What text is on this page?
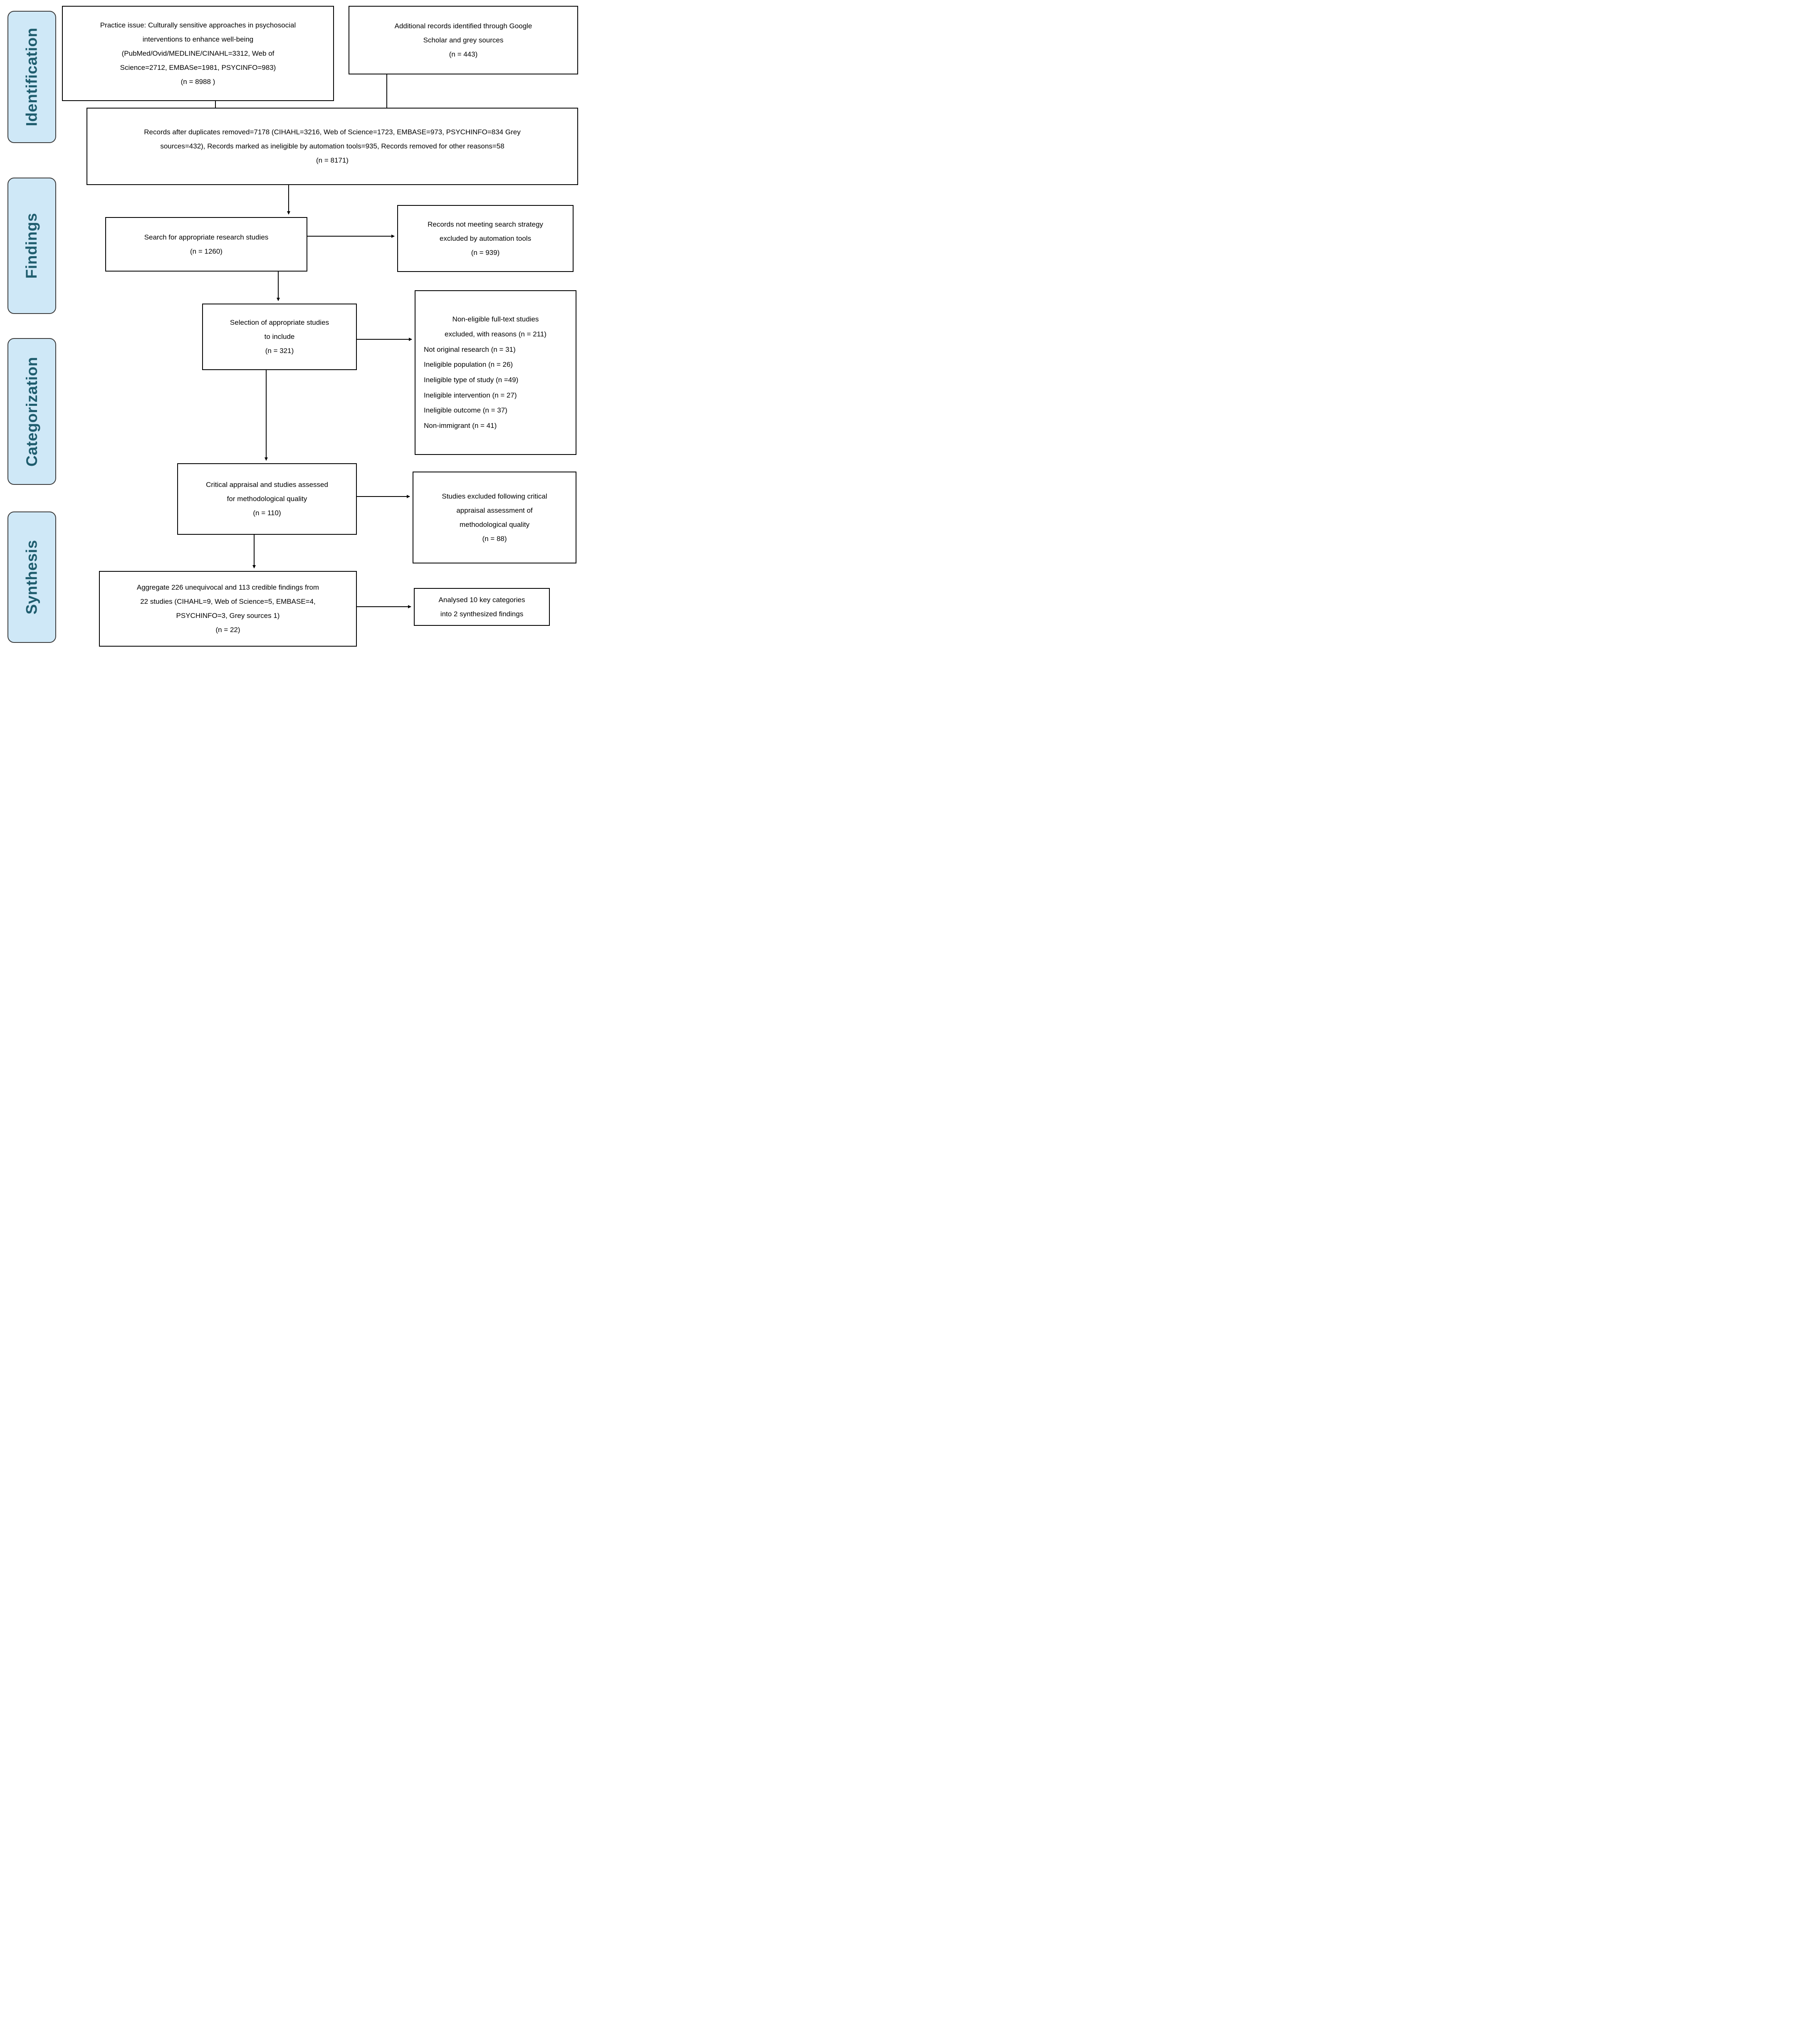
Identification
Findings
Categorization
Synthesis
Practice issue: Culturally sensitive approaches in psychosocial
interventions to enhance well-being
(PubMed/Ovid/MEDLINE/CINAHL=3312, Web of
Science=2712, EMBASe=1981, PSYCINFO=983)
(n = 8988 )
Additional records identified through Google
Scholar and grey sources
(n = 443)
Records after duplicates removed=7178 (CIHAHL=3216, Web of Science=1723, EMBASE=973, PSYCHINFO=834 Grey
sources=432), Records marked as ineligible by automation tools=935, Records removed for other reasons=58
(n = 8171)
Search for appropriate research studies
(n = 1260)
Records not meeting search strategy
excluded by automation tools
(n = 939)
Selection of appropriate studies
to include
(n = 321)
Non-eligible full-text studies
excluded, with reasons (n = 211)
Not original research (n = 31)
Ineligible population (n = 26)
Ineligible type of study (n =49)
Ineligible intervention (n = 27)
Ineligible outcome (n = 37)
Non-immigrant (n = 41)
Critical appraisal and studies assessed
for methodological quality
(n = 110)
Studies excluded following critical
appraisal assessment of
methodological quality
(n = 88)
Aggregate 226 unequivocal and 113 credible findings from
22 studies (CIHAHL=9, Web of Science=5, EMBASE=4,
PSYCHINFO=3, Grey sources 1)
(n = 22)
Analysed 10 key categories
into 2 synthesized findings
